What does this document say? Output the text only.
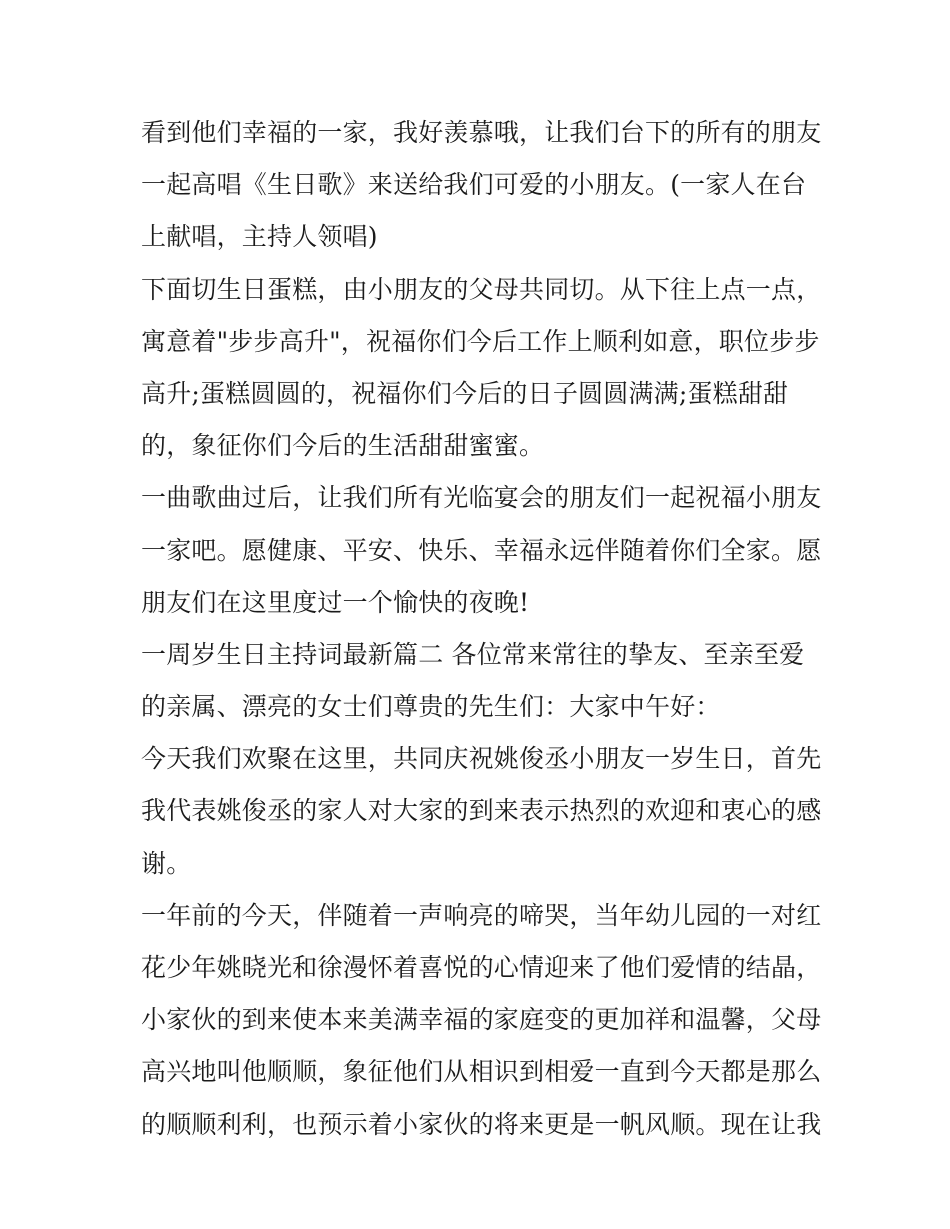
看到他们幸福的一家，我好羡慕哦，让我们台下的所有的朋友
一起高唱《生日歌》来送给我们可爱的小朋友。(一家人在台
上献唱，主持人领唱)
下面切生日蛋糕，由小朋友的父母共同切。从下往上点一点，
寓意着"步步高升"，祝福你们今后工作上顺利如意，职位步步
高升;蛋糕圆圆的，祝福你们今后的日子圆圆满满;蛋糕甜甜
的，象征你们今后的生活甜甜蜜蜜。
一曲歌曲过后，让我们所有光临宴会的朋友们一起祝福小朋友
一家吧。愿健康、平安、快乐、幸福永远伴随着你们全家。愿
朋友们在这里度过一个愉快的夜晚!
一周岁生日主持词最新篇二 各位常来常往的挚友、至亲至爱
的亲属、漂亮的女士们尊贵的先生们：大家中午好：
今天我们欢聚在这里，共同庆祝姚俊丞小朋友一岁生日，首先
我代表姚俊丞的家人对大家的到来表示热烈的欢迎和衷心的感
谢。
一年前的今天，伴随着一声响亮的啼哭，当年幼儿园的一对红
花少年姚晓光和徐漫怀着喜悦的心情迎来了他们爱情的结晶，
小家伙的到来使本来美满幸福的家庭变的更加祥和温馨，父母
高兴地叫他顺顺，象征他们从相识到相爱一直到今天都是那么
的顺顺利利，也预示着小家伙的将来更是一帆风顺。现在让我
